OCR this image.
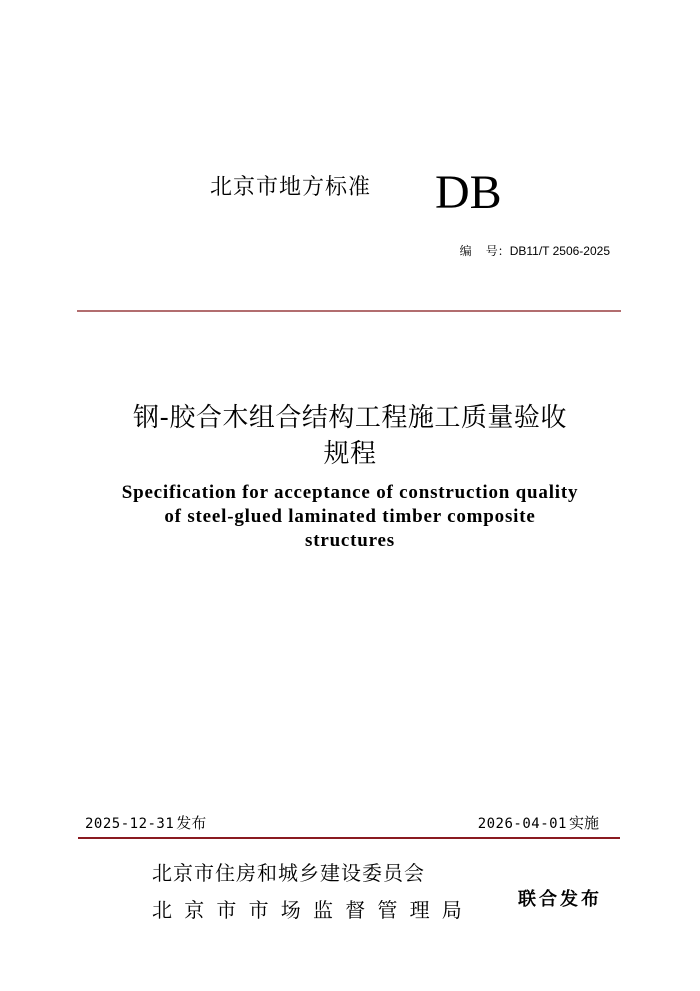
北京市地方标准 DB
编 号：DB11/T 2506-2025
钢-胶合木组合结构工程施工质量验收
规程
Specification for acceptance of construction quality
of steel-glued laminated timber composite
structures
2025-12-31 发布	2026-04-01 实施
北京市住房和城乡建设委员会
北京市市场监督管理局 联合发布
